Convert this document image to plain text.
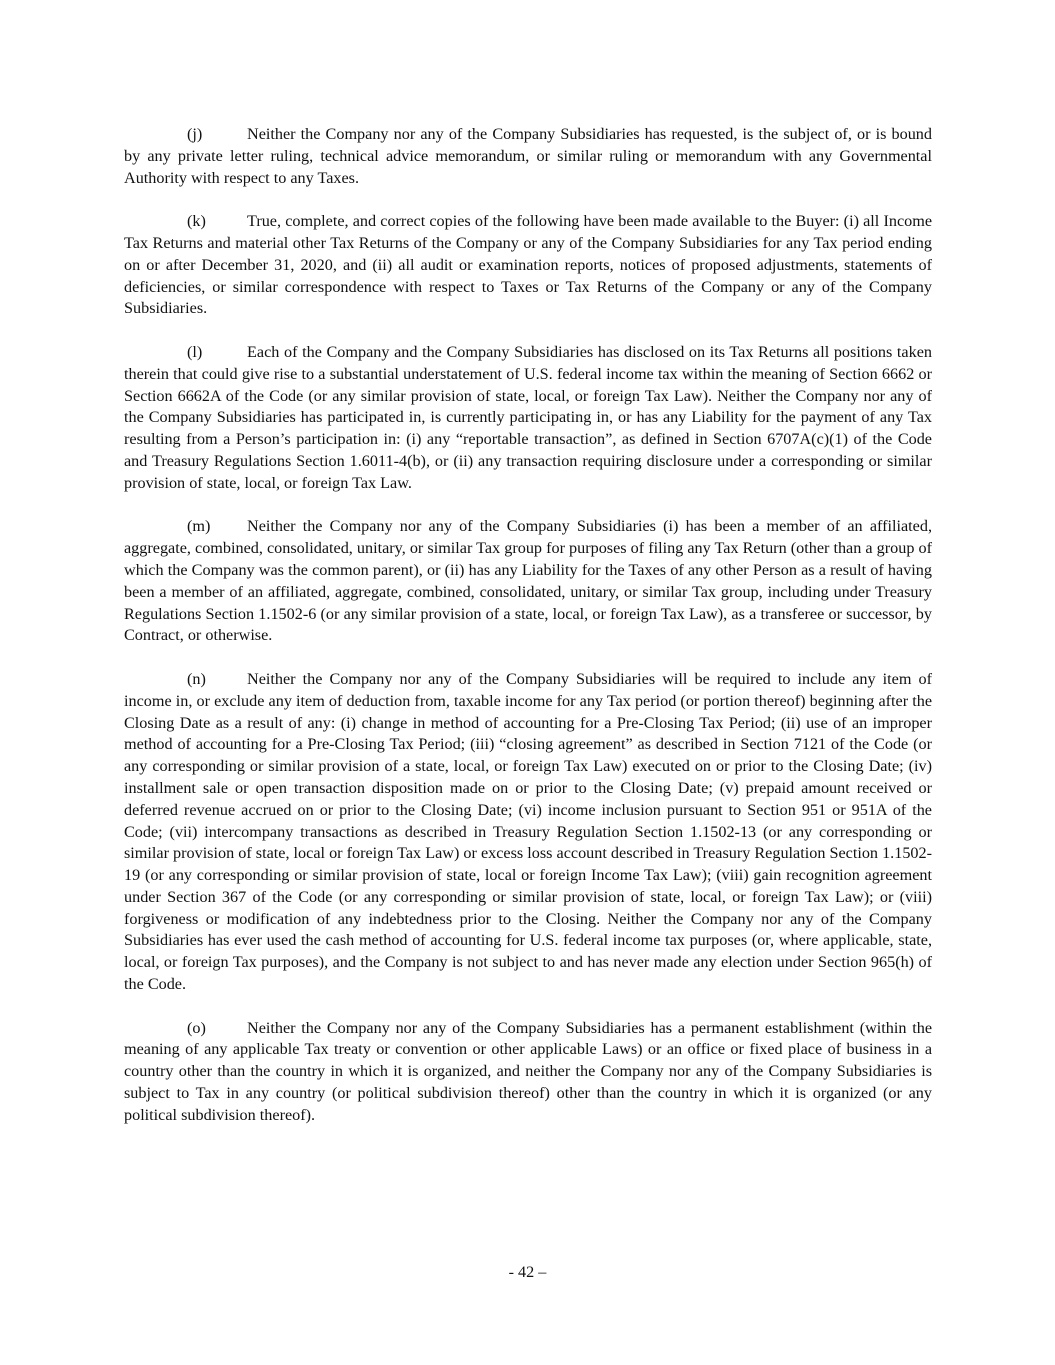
(j)	Neither the Company nor any of the Company Subsidiaries has requested, is the subject of, or is bound by any private letter ruling, technical advice memorandum, or similar ruling or memorandum with any Governmental Authority with respect to any Taxes.

(k)	True, complete, and correct copies of the following have been made available to the Buyer: (i) all Income Tax Returns and material other Tax Returns of the Company or any of the Company Subsidiaries for any Tax period ending on or after December 31, 2020, and (ii) all audit or examination reports, notices of proposed adjustments, statements of deficiencies, or similar correspondence with respect to Taxes or Tax Returns of the Company or any of the Company Subsidiaries.

(l)	Each of the Company and the Company Subsidiaries has disclosed on its Tax Returns all positions taken therein that could give rise to a substantial understatement of U.S. federal income tax within the meaning of Section 6662 or Section 6662A of the Code (or any similar provision of state, local, or foreign Tax Law). Neither the Company nor any of the Company Subsidiaries has participated in, is currently participating in, or has any Liability for the payment of any Tax resulting from a Person’s participation in: (i) any “reportable transaction”, as defined in Section 6707A(c)(1) of the Code and Treasury Regulations Section 1.6011-4(b), or (ii) any transaction requiring disclosure under a corresponding or similar provision of state, local, or foreign Tax Law.

(m) Neither the Company nor any of the Company Subsidiaries (i) has been a member of an affiliated, aggregate, combined, consolidated, unitary, or similar Tax group for purposes of filing any Tax Return (other than a group of which the Company was the common parent), or (ii) has any Liability for the Taxes of any other Person as a result of having been a member of an affiliated, aggregate, combined, consolidated, unitary, or similar Tax group, including under Treasury Regulations Section 1.1502-6 (or any similar provision of a state, local, or foreign Tax Law), as a transferee or successor, by Contract, or otherwise.

(n)	Neither the Company nor any of the Company Subsidiaries will be required to include any item of income in, or exclude any item of deduction from, taxable income for any Tax period (or portion thereof) beginning after the Closing Date as a result of any: (i) change in method of accounting for a Pre-Closing Tax Period; (ii) use of an improper method of accounting for a Pre-Closing Tax Period; (iii) “closing agreement” as described in Section 7121 of the Code (or any corresponding or similar provision of a state, local, or foreign Tax Law) executed on or prior to the Closing Date; (iv) installment sale or open transaction disposition made on or prior to the Closing Date; (v) prepaid amount received or deferred revenue accrued on or prior to the Closing Date; (vi) income inclusion pursuant to Section 951 or 951A of the Code; (vii) intercompany transactions as described in Treasury Regulation Section 1.1502-13 (or any corresponding or similar provision of state, local or foreign Tax Law) or excess loss account described in Treasury Regulation Section 1.1502-19 (or any corresponding or similar provision of state, local or foreign Income Tax Law); (viii) gain recognition agreement under Section 367 of the Code (or any corresponding or similar provision of state, local, or foreign Tax Law); or (viii) forgiveness or modification of any indebtedness prior to the Closing. Neither the Company nor any of the Company Subsidiaries has ever used the cash method of accounting for U.S. federal income tax purposes (or, where applicable, state, local, or foreign Tax purposes), and the Company is not subject to and has never made any election under Section 965(h) of the Code.

(o)	Neither the Company nor any of the Company Subsidiaries has a permanent establishment (within the meaning of any applicable Tax treaty or convention or other applicable Laws) or an office or fixed place of business in a country other than the country in which it is organized, and neither the Company nor any of the Company Subsidiaries is subject to Tax in any country (or political subdivision thereof) other than the country in which it is organized (or any political subdivision thereof).

- 42 –
